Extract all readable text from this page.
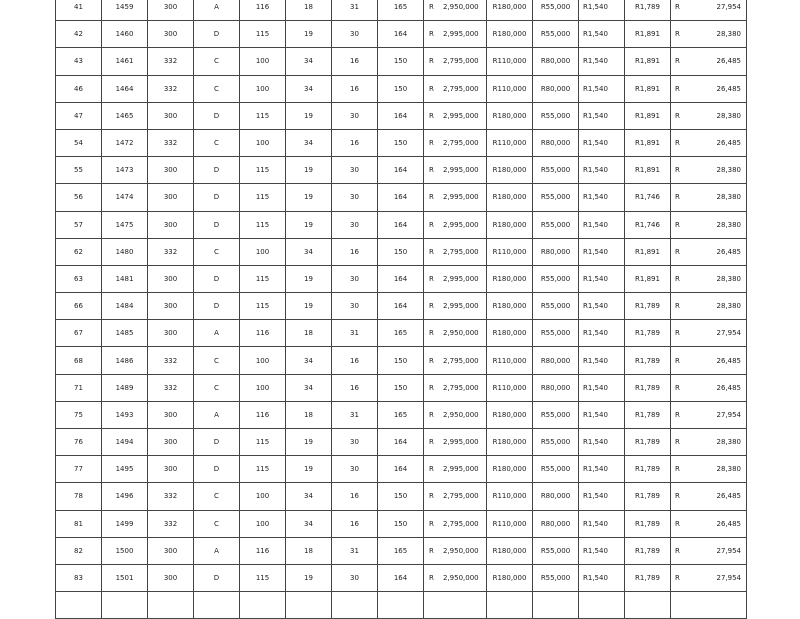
41	1459	300	A	116	18	31	165	R 2,950,000	R180,000	R55,000	R1,540	R1,789	R 27,954
42	1460	300	D	115	19	30	164	R 2,995,000	R180,000	R55,000	R1,540	R1,891	R 28,380
43	1461	332	C	100	34	16	150	R 2,795,000	R110,000	R80,000	R1,540	R1,891	R 26,485
46	1464	332	C	100	34	16	150	R 2,795,000	R110,000	R80,000	R1,540	R1,891	R 26,485
47	1465	300	D	115	19	30	164	R 2,995,000	R180,000	R55,000	R1,540	R1,891	R 28,380
54	1472	332	C	100	34	16	150	R 2,795,000	R110,000	R80,000	R1,540	R1,891	R 26,485
55	1473	300	D	115	19	30	164	R 2,995,000	R180,000	R55,000	R1,540	R1,891	R 28,380
56	1474	300	D	115	19	30	164	R 2,995,000	R180,000	R55,000	R1,540	R1,746	R 28,380
57	1475	300	D	115	19	30	164	R 2,995,000	R180,000	R55,000	R1,540	R1,746	R 28,380
62	1480	332	C	100	34	16	150	R 2,795,000	R110,000	R80,000	R1,540	R1,891	R 26,485
63	1481	300	D	115	19	30	164	R 2,995,000	R180,000	R55,000	R1,540	R1,891	R 28,380
66	1484	300	D	115	19	30	164	R 2,995,000	R180,000	R55,000	R1,540	R1,789	R 28,380
67	1485	300	A	116	18	31	165	R 2,950,000	R180,000	R55,000	R1,540	R1,789	R 27,954
68	1486	332	C	100	34	16	150	R 2,795,000	R110,000	R80,000	R1,540	R1,789	R 26,485
71	1489	332	C	100	34	16	150	R 2,795,000	R110,000	R80,000	R1,540	R1,789	R 26,485
75	1493	300	A	116	18	31	165	R 2,950,000	R180,000	R55,000	R1,540	R1,789	R 27,954
76	1494	300	D	115	19	30	164	R 2,995,000	R180,000	R55,000	R1,540	R1,789	R 28,380
77	1495	300	D	115	19	30	164	R 2,995,000	R180,000	R55,000	R1,540	R1,789	R 28,380
78	1496	332	C	100	34	16	150	R 2,795,000	R110,000	R80,000	R1,540	R1,789	R 26,485
81	1499	332	C	100	34	16	150	R 2,795,000	R110,000	R80,000	R1,540	R1,789	R 26,485
82	1500	300	A	116	18	31	165	R 2,950,000	R180,000	R55,000	R1,540	R1,789	R 27,954
83	1501	300	D	115	19	30	164	R 2,950,000	R180,000	R55,000	R1,540	R1,789	R 27,954
